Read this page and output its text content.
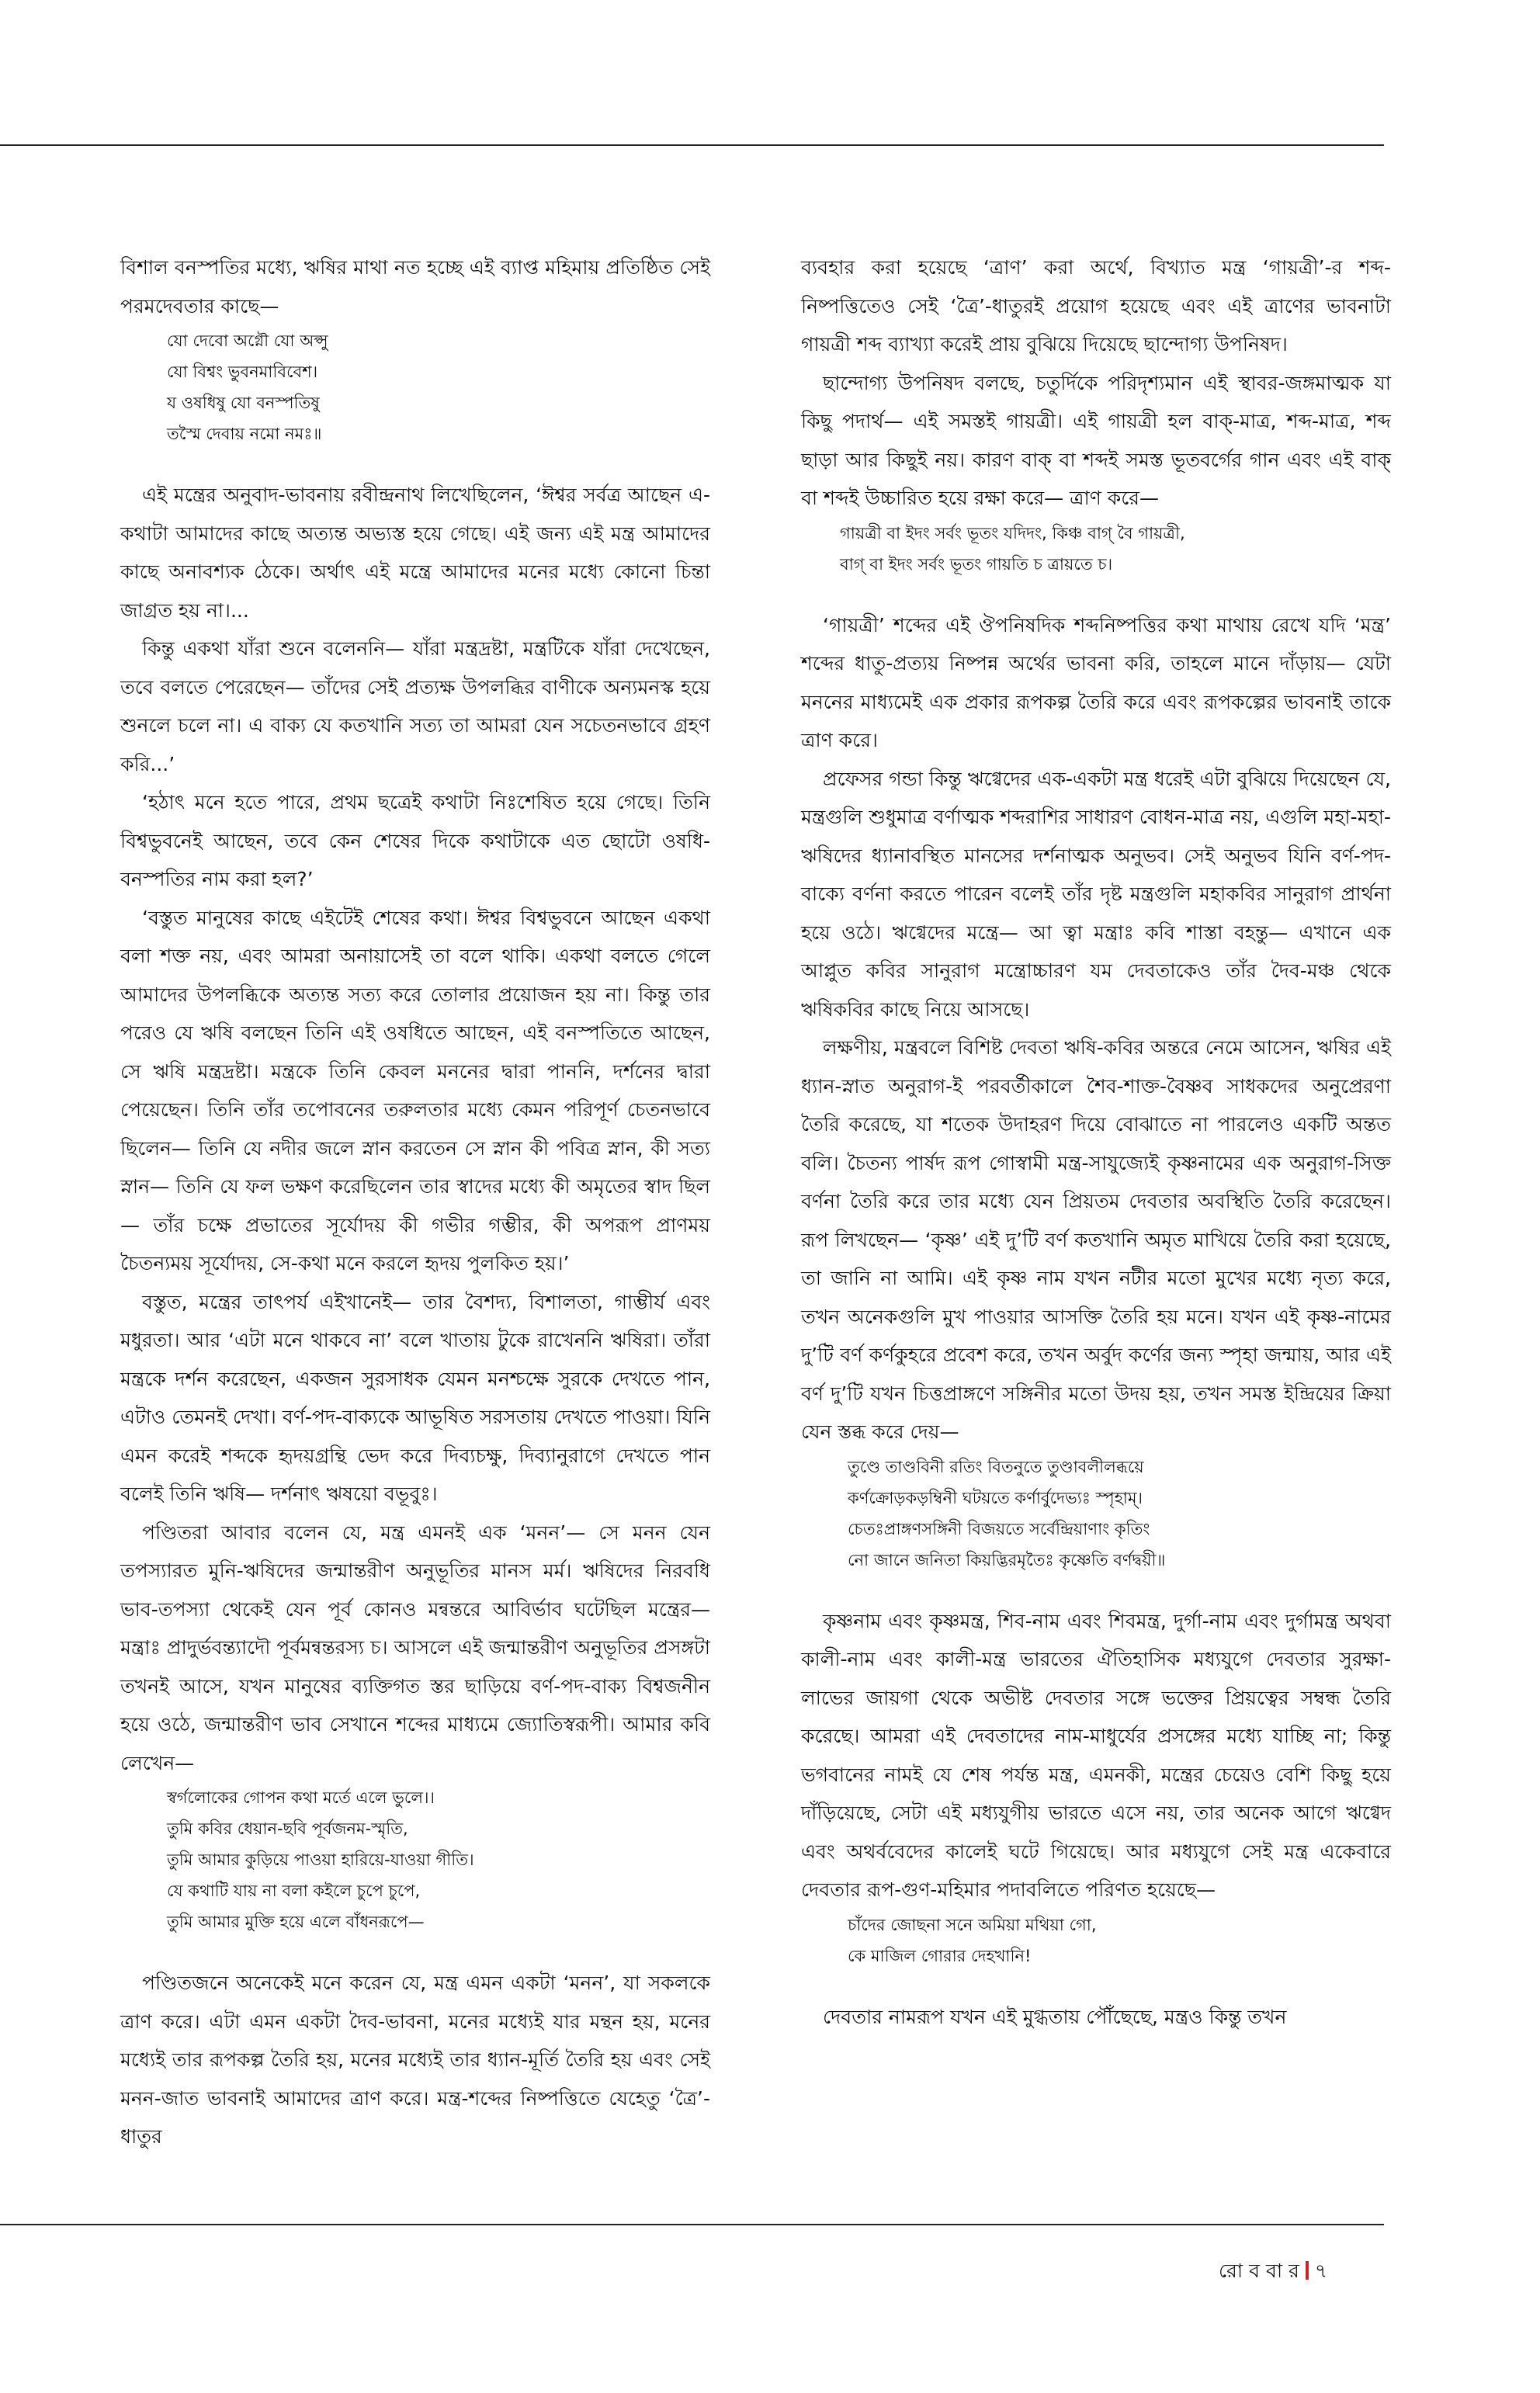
বিশাল বনস্পতির মধ্যে, ঋষির মাথা নত হচ্ছে এই ব্যাপ্ত মহিমায় প্রতিষ্ঠিত সেই পরমদেবতার কাছে—

যো দেবো অগ্নৌ যো অপ্সু

যো বিশ্বং ভুবনমাবিবেশ।

য ওষধিষু যো বনস্পতিষু

তস্মৈ দেবায় নমো নমঃ॥

এই মন্ত্রের অনুবাদ-ভাবনায় রবীন্দ্রনাথ লিখেছিলেন, ‘ঈশ্বর সর্বত্র আছেন এ-কথাটা আমাদের কাছে অত্যন্ত অভ্যস্ত হয়ে গেছে। এই জন্য এই মন্ত্র আমাদের কাছে অনাবশ্যক ঠেকে। অর্থাৎ এই মন্ত্রে আমাদের মনের মধ্যে কোনো চিন্তা জাগ্রত হয় না।...

কিন্তু একথা যাঁরা শুনে বলেননি— যাঁরা মন্ত্রদ্রষ্টা, মন্ত্রটিকে যাঁরা দেখেছেন, তবে বলতে পেরেছেন— তাঁদের সেই প্রত্যক্ষ উপলব্ধির বাণীকে অন্যমনস্ক হয়ে শুনলে চলে না। এ বাক্য যে কতখানি সত্য তা আমরা যেন সচেতনভাবে গ্রহণ করি...’

‘হঠাৎ মনে হতে পারে, প্রথম ছত্রেই কথাটা নিঃশেষিত হয়ে গেছে। তিনি বিশ্বভুবনেই আছেন, তবে কেন শেষের দিকে কথাটাকে এত ছোটো ওষধি-বনস্পতির নাম করা হল?’

‘বস্তুত মানুষের কাছে এইটেই শেষের কথা। ঈশ্বর বিশ্বভুবনে আছেন একথা বলা শক্ত নয়, এবং আমরা অনায়াসেই তা বলে থাকি। একথা বলতে গেলে আমাদের উপলব্ধিকে অত্যন্ত সত্য করে তোলার প্রয়োজন হয় না। কিন্তু তার পরেও যে ঋষি বলছেন তিনি এই ওষধিতে আছেন, এই বনস্পতিতে আছেন, সে ঋষি মন্ত্রদ্রষ্টা। মন্ত্রকে তিনি কেবল মননের দ্বারা পাননি, দর্শনের দ্বারা পেয়েছেন। তিনি তাঁর তপোবনের তরুলতার মধ্যে কেমন পরিপূর্ণ চেতনভাবে ছিলেন— তিনি যে নদীর জলে স্নান করতেন সে স্নান কী পবিত্র স্নান, কী সত্য স্নান— তিনি যে ফল ভক্ষণ করেছিলেন তার স্বাদের মধ্যে কী অমৃতের স্বাদ ছিল— তাঁর চক্ষে প্রভাতের সূর্যোদয় কী গভীর গম্ভীর, কী অপরূপ প্রাণময় চৈতন্যময় সূর্যোদয়, সে-কথা মনে করলে হৃদয় পুলকিত হয়।’

বস্তুত, মন্ত্রের তাৎপর্য এইখানেই— তার বৈশদ্য, বিশালতা, গাম্ভীর্য এবং মধুরতা। আর ‘এটা মনে থাকবে না’ বলে খাতায় টুকে রাখেননি ঋষিরা। তাঁরা মন্ত্রকে দর্শন করেছেন, একজন সুরসাধক যেমন মনশ্চক্ষে সুরকে দেখতে পান, এটাও তেমনই দেখা। বর্ণ-পদ-বাক্যকে আভূষিত সরসতায় দেখতে পাওয়া। যিনি এমন করেই শব্দকে হৃদয়গ্রন্থি ভেদ করে দিব্যচক্ষু, দিব্যানুরাগে দেখতে পান বলেই তিনি ঋষি— দর্শনাৎ ঋষয়ো বভূবুঃ।

পণ্ডিতরা আবার বলেন যে, মন্ত্র এমনই এক ‘মনন’— সে মনন যেন তপস্যারত মুনি-ঋষিদের জন্মান্তরীণ অনুভূতির মানস মর্ম। ঋষিদের নিরবধি ভাব-তপস্যা থেকেই যেন পূর্ব কোনও মন্বন্তরে আবির্ভাব ঘটেছিল মন্ত্রের— মন্ত্রাঃ প্রাদুর্ভবন্ত্যাদৌ পূর্বমন্বন্তরস্য চ। আসলে এই জন্মান্তরীণ অনুভূতির প্রসঙ্গটা তখনই আসে, যখন মানুষের ব্যক্তিগত স্তর ছাড়িয়ে বর্ণ-পদ-বাক্য বিশ্বজনীন হয়ে ওঠে, জন্মান্তরীণ ভাব সেখানে শব্দের মাধ্যমে জ্যোতিস্বরূপী। আমার কবি লেখেন—

স্বর্গলোকের গোপন কথা মর্তে এলে ভুলে।।

তুমি কবির ধেয়ান-ছবি পূর্বজনম-স্মৃতি,

তুমি আমার কুড়িয়ে পাওয়া হারিয়ে-যাওয়া গীতি।

যে কথাটি যায় না বলা কইলে চুপে চুপে,

তুমি আমার মুক্তি হয়ে এলে বাঁধনরূপে—

পণ্ডিতজনে অনেকেই মনে করেন যে, মন্ত্র এমন একটা ‘মনন’, যা সকলকে ত্রাণ করে। এটা এমন একটা দৈব-ভাবনা, মনের মধ্যেই যার মন্থন হয়, মনের মধ্যেই তার রূপকল্প তৈরি হয়, মনের মধ্যেই তার ধ্যান-মূর্তি তৈরি হয় এবং সেই মনন-জাত ভাবনাই আমাদের ত্রাণ করে। মন্ত্র-শব্দের নিষ্পত্তিতে যেহেতু ‘ত্রৈ’-ধাতুর

ব্যবহার করা হয়েছে ‘ত্রাণ’ করা অর্থে, বিখ্যাত মন্ত্র ‘গায়ত্রী’-র শব্দ-নিষ্পত্তিতেও সেই ‘ত্রৈ’-ধাতুরই প্রয়োগ হয়েছে এবং এই ত্রাণের ভাবনাটা গায়ত্রী শব্দ ব্যাখ্যা করেই প্রায় বুঝিয়ে দিয়েছে ছান্দোগ্য উপনিষদ।

ছান্দোগ্য উপনিষদ বলছে, চতুর্দিকে পরিদৃশ্যমান এই স্থাবর-জঙ্গমাত্মক যা কিছু পদার্থ— এই সমস্তই গায়ত্রী। এই গায়ত্রী হল বাক্-মাত্র, শব্দ-মাত্র, শব্দ ছাড়া আর কিছুই নয়। কারণ বাক্ বা শব্দই সমস্ত ভূতবর্গের গান এবং এই বাক্ বা শব্দই উচ্চারিত হয়ে রক্ষা করে— ত্রাণ করে—

গায়ত্রী বা ইদং সর্বং ভূতং যদিদং, কিঞ্চ বাগ্ বৈ গায়ত্রী,

বাগ্ বা ইদং সর্বং ভূতং গায়তি চ ত্রায়তে চ।

‘গায়ত্রী’ শব্দের এই ঔপনিষদিক শব্দনিষ্পত্তির কথা মাথায় রেখে যদি ‘মন্ত্র’ শব্দের ধাতু-প্রত্যয় নিষ্পন্ন অর্থের ভাবনা করি, তাহলে মানে দাঁড়ায়— যেটা মননের মাধ্যমেই এক প্রকার রূপকল্প তৈরি করে এবং রূপকল্পের ভাবনাই তাকে ত্রাণ করে।

প্রফেসর গন্ডা কিন্তু ঋগ্বেদের এক-একটা মন্ত্র ধরেই এটা বুঝিয়ে দিয়েছেন যে, মন্ত্রগুলি শুধুমাত্র বর্ণাত্মক শব্দরাশির সাধারণ বোধন-মাত্র নয়, এগুলি মহা-মহা-ঋষিদের ধ্যানাবস্থিত মানসের দর্শনাত্মক অনুভব। সেই অনুভব যিনি বর্ণ-পদ-বাক্যে বর্ণনা করতে পারেন বলেই তাঁর দৃষ্ট মন্ত্রগুলি মহাকবির সানুরাগ প্রার্থনা হয়ে ওঠে। ঋগ্বেদের মন্ত্রে— আ ত্বা মন্ত্রাঃ কবি শাস্তা বহন্তু— এখানে এক আপ্লুত কবির সানুরাগ মন্ত্রোচ্চারণ যম দেবতাকেও তাঁর দৈব-মঞ্চ থেকে ঋষিকবির কাছে নিয়ে আসছে।

লক্ষণীয়, মন্ত্রবলে বিশিষ্ট দেবতা ঋষি-কবির অন্তরে নেমে আসেন, ঋষির এই ধ্যান-স্নাত অনুরাগ-ই পরবর্তীকালে শৈব-শাক্ত-বৈষ্ণব সাধকদের অনুপ্রেরণা তৈরি করেছে, যা শতেক উদাহরণ দিয়ে বোঝাতে না পারলেও একটি অন্তত বলি। চৈতন্য পার্ষদ রূপ গোস্বামী মন্ত্র-সাযুজ্যেই কৃষ্ণনামের এক অনুরাগ-সিক্ত বর্ণনা তৈরি করে তার মধ্যে যেন প্রিয়তম দেবতার অবস্থিতি তৈরি করেছেন। রূপ লিখছেন— ‘কৃষ্ণ’ এই দু’টি বর্ণ কতখানি অমৃত মাখিয়ে তৈরি করা হয়েছে, তা জানি না আমি। এই কৃষ্ণ নাম যখন নটীর মতো মুখের মধ্যে নৃত্য করে, তখন অনেকগুলি মুখ পাওয়ার আসক্তি তৈরি হয় মনে। যখন এই কৃষ্ণ-নামের দু’টি বর্ণ কর্ণকুহরে প্রবেশ করে, তখন অর্বুদ কর্ণের জন্য স্পৃহা জন্মায়, আর এই বর্ণ দু’টি যখন চিত্তপ্রাঙ্গণে সঙ্গিনীর মতো উদয় হয়, তখন সমস্ত ইন্দ্রিয়ের ক্রিয়া যেন স্তব্ধ করে দেয়—

তুণ্ডে তাণ্ডবিনী রতিং বিতনুতে তুণ্ডাবলীলব্ধয়ে

কর্ণক্রোড়কড়ম্বিনী ঘটয়তে কর্ণার্বুদেভ্যঃ স্পৃহাম্।

চেতঃপ্রাঙ্গণসঙ্গিনী বিজয়তে সর্বেন্দ্রিয়াণাং কৃতিং

নো জানে জনিতা কিয়দ্ভিরমৃতৈঃ কৃষ্ণেতি বর্ণদ্বয়ী॥

কৃষ্ণনাম এবং কৃষ্ণমন্ত্র, শিব-নাম এবং শিবমন্ত্র, দুর্গা-নাম এবং দুর্গামন্ত্র অথবা কালী-নাম এবং কালী-মন্ত্র ভারতের ঐতিহাসিক মধ্যযুগে দেবতার সুরক্ষা-লাভের জায়গা থেকে অভীষ্ট দেবতার সঙ্গে ভক্তের প্রিয়ত্বের সম্বন্ধ তৈরি করেছে। আমরা এই দেবতাদের নাম-মাধুর্যের প্রসঙ্গের মধ্যে যাচ্ছি না; কিন্তু ভগবানের নামই যে শেষ পর্যন্ত মন্ত্র, এমনকী, মন্ত্রের চেয়েও বেশি কিছু হয়ে দাঁড়িয়েছে, সেটা এই মধ্যযুগীয় ভারতে এসে নয়, তার অনেক আগে ঋগ্বেদ এবং অথর্ববেদের কালেই ঘটে গিয়েছে। আর মধ্যযুগে সেই মন্ত্র একেবারে দেবতার রূপ-গুণ-মহিমার পদাবলিতে পরিণত হয়েছে—

চাঁদের জোছনা সনে অমিয়া মথিয়া গো,

কে মাজিল গোরার দেহখানি!

দেবতার নামরূপ যখন এই মুগ্ধতায় পৌঁছেছে, মন্ত্রও কিন্তু তখন

রো ব বা র ৭
